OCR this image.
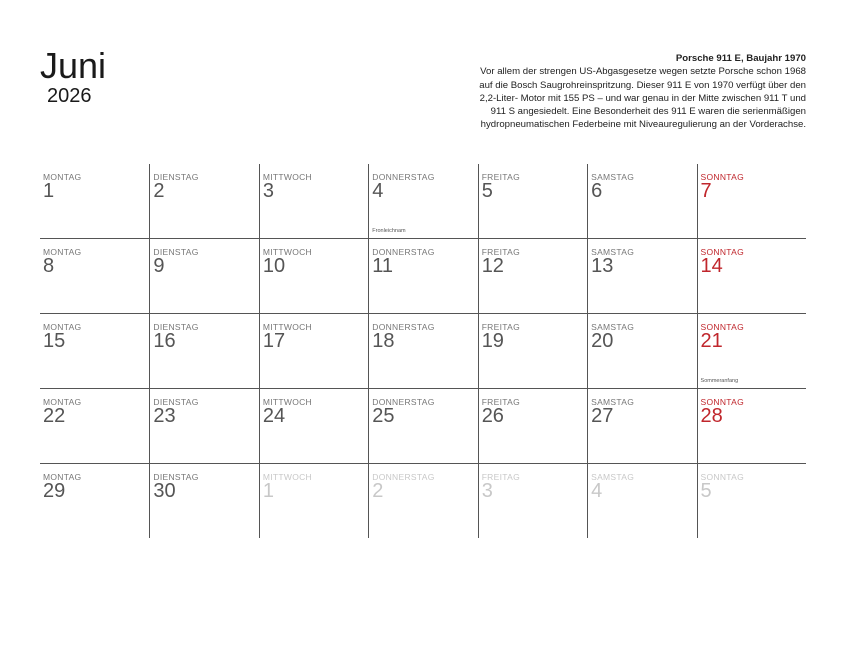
Juni
2026
Porsche 911 E, Baujahr 1970
Vor allem der strengen US-Abgasgesetze wegen setzte Porsche schon 1968
auf die Bosch Saugrohreinspritzung. Dieser 911 E von 1970 verfügt über den
2,2-Liter- Motor mit 155 PS – und war genau in der Mitte zwischen 911 T und
911 S angesiedelt. Eine Besonderheit des 911 E waren die serienmäßigen
hydropneumatischen Federbeine mit Niveauregulierung an der Vorderachse.
MONTAG
1
DIENSTAG
2
MITTWOCH
3
DONNERSTAG
4
Fronleichnam
FREITAG
5
SAMSTAG
6
SONNTAG
7
MONTAG
8
DIENSTAG
9
MITTWOCH
10
DONNERSTAG
11
FREITAG
12
SAMSTAG
13
SONNTAG
14
MONTAG
15
DIENSTAG
16
MITTWOCH
17
DONNERSTAG
18
FREITAG
19
SAMSTAG
20
SONNTAG
21
Sommeranfang
MONTAG
22
DIENSTAG
23
MITTWOCH
24
DONNERSTAG
25
FREITAG
26
SAMSTAG
27
SONNTAG
28
MONTAG
29
DIENSTAG
30
MITTWOCH
1
DONNERSTAG
2
FREITAG
3
SAMSTAG
4
SONNTAG
5
